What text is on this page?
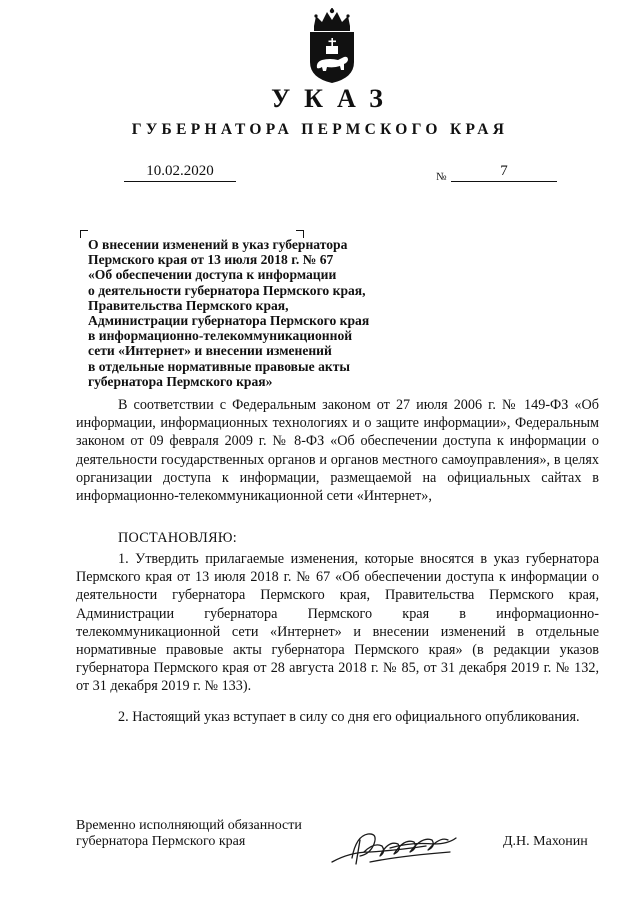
УКАЗ
ГУБЕРНАТОРА ПЕРМСКОГО КРАЯ
10.02.2020	№	7
О внесении изменений в указ губернатора
Пермского края от 13 июля 2018 г. № 67
«Об обеспечении доступа к информации
о деятельности губернатора Пермского края,
Правительства Пермского края,
Администрации губернатора Пермского края
в информационно-телекоммуникационной
сети «Интернет» и внесении изменений
в отдельные нормативные правовые акты
губернатора Пермского края»

В соответствии с Федеральным законом от 27 июля 2006 г. № 149-ФЗ «Об информации, информационных технологиях и о защите информации», Федеральным законом от 09 февраля 2009 г. № 8-ФЗ «Об обеспечении доступа к информации о деятельности государственных органов и органов местного самоуправления», в целях организации доступа к информации, размещаемой на официальных сайтах в информационно-телекоммуникационной сети «Интернет»,

ПОСТАНОВЛЯЮ:

1. Утвердить прилагаемые изменения, которые вносятся в указ губернатора Пермского края от 13 июля 2018 г. № 67 «Об обеспечении доступа к информации о деятельности губернатора Пермского края, Правительства Пермского края, Администрации губернатора Пермского края в информационно-телекоммуникационной сети «Интернет» и внесении изменений в отдельные нормативные правовые акты губернатора Пермского края» (в редакции указов губернатора Пермского края от 28 августа 2018 г. № 85, от 31 декабря 2019 г. № 132, от 31 декабря 2019 г. № 133).

2. Настоящий указ вступает в силу со дня его официального опубликования.

Временно исполняющий обязанности
губернатора Пермского края	Д.Н. Махонин
